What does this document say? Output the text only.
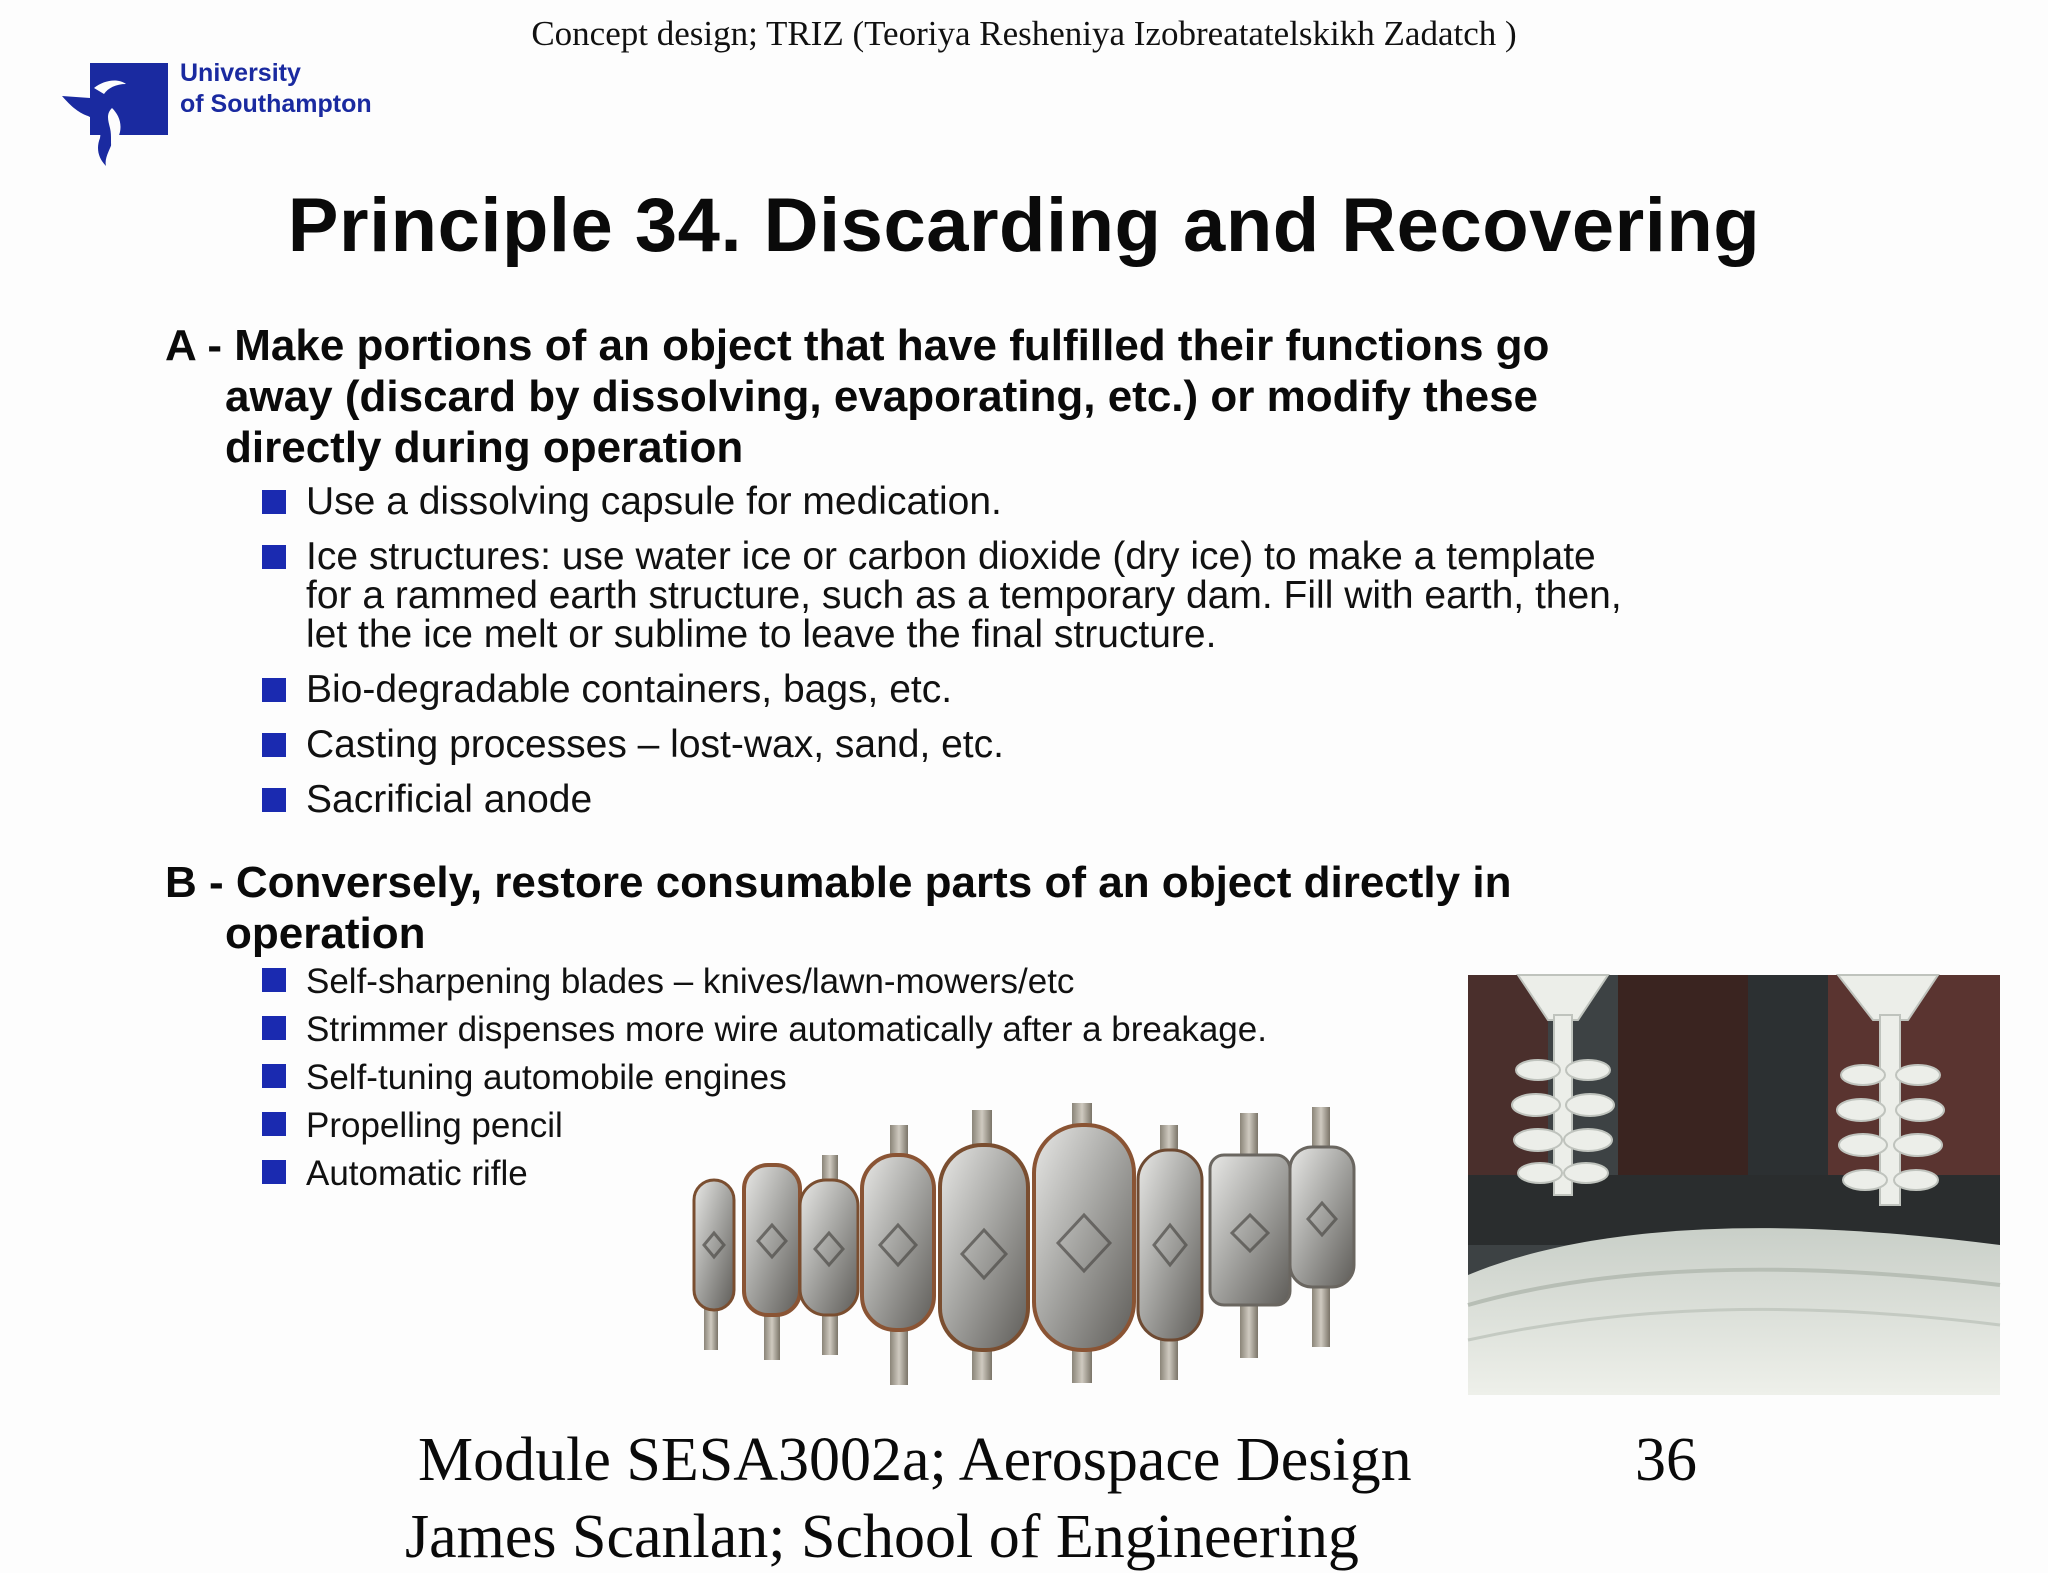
Concept design; TRIZ (Teoriya Resheniya Izobreatatelskikh Zadatch )
University
of Southampton
Principle 34. Discarding and Recovering
A - Make portions of an object that have fulfilled their functions go
away (discard by dissolving, evaporating, etc.) or modify these
directly during operation
Use a dissolving capsule for medication.
Ice structures: use water ice or carbon dioxide (dry ice) to make a template
for a rammed earth structure, such as a temporary dam. Fill with earth, then,
let the ice melt or sublime to leave the final structure.
Bio-degradable containers, bags, etc.
Casting processes – lost-wax, sand, etc.
Sacrificial anode
B - Conversely, restore consumable parts of an object directly in
operation
Self-sharpening blades – knives/lawn-mowers/etc
Strimmer dispenses more wire automatically after a breakage.
Self-tuning automobile engines
Propelling pencil
Automatic rifle
Module SESA3002a; Aerospace Design	36
James Scanlan; School of Engineering
